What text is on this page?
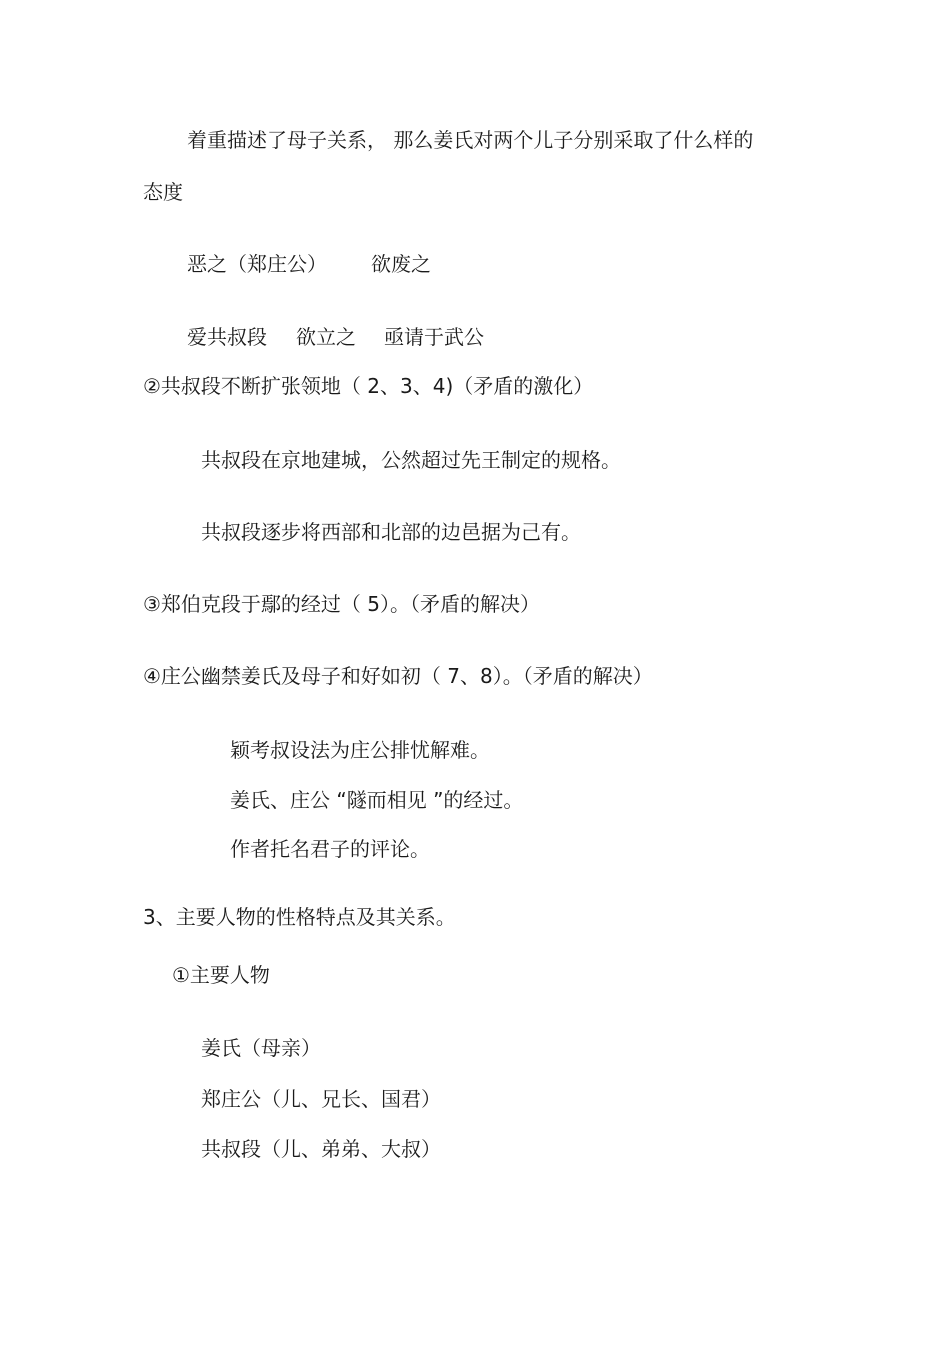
着重描述了母子关系， 那么姜氏对两个儿子分别采取了什么样的
态度
恶之（郑庄公） 欲废之
爱共叔段 欲立之 亟请于武公
②共叔段不断扩张领地（ 2、3、4)（矛盾的激化）
共叔段在京地建城，公然超过先王制定的规格。
共叔段逐步将西部和北部的边邑据为己有。
③郑伯克段于鄢的经过（ 5）。（矛盾的解决）
④庄公幽禁姜氏及母子和好如初（ 7、8）。（矛盾的解决）
颖考叔设法为庄公排忧解难。
姜氏、庄公 “隧而相见 ”的经过。
作者托名君子的评论。
3、主要人物的性格特点及其关系。
①主要人物
姜氏（母亲）
郑庄公（儿、兄长、国君）
共叔段（儿、弟弟、大叔）
